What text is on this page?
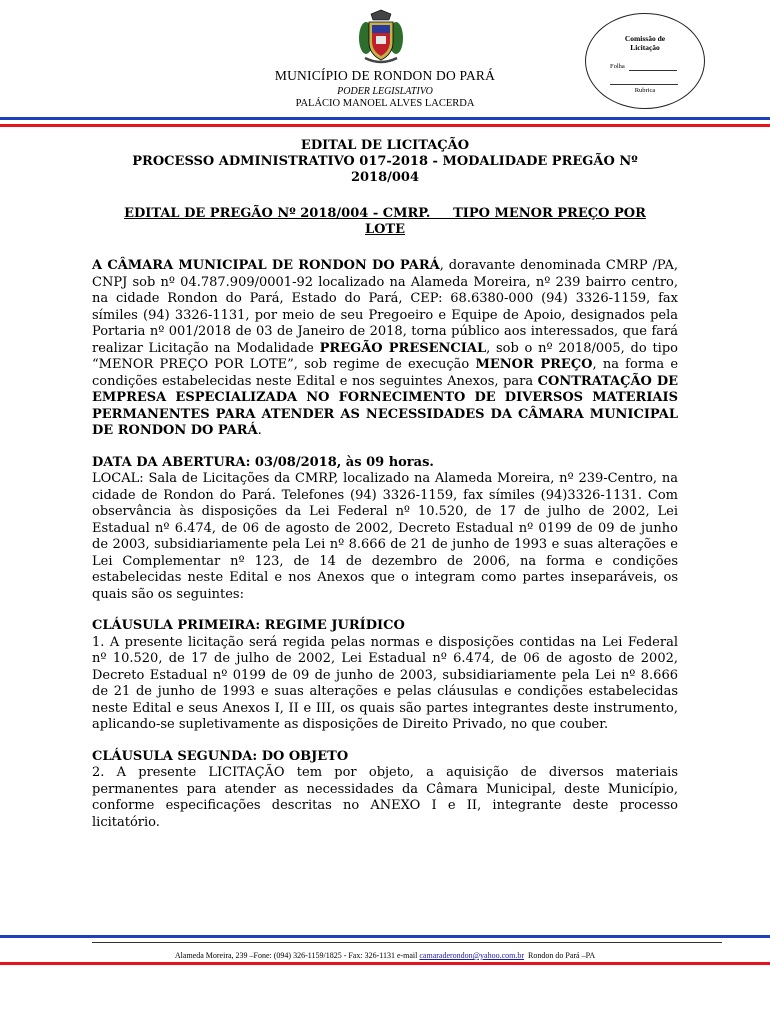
MUNICÍPIO DE RONDON DO PARÁ
PODER LEGISLATIVO
PALÁCIO MANOEL ALVES LACERDA
Comissão de
Licitação
Folha
Rubrica
EDITAL DE LICITAÇÃO
PROCESSO ADMINISTRATIVO 017-2018 - MODALIDADE PREGÃO Nº
2018/004
EDITAL DE PREGÃO Nº 2018/004 - CMRP.     TIPO MENOR PREÇO POR
LOTE

A CÂMARA MUNICIPAL DE RONDON DO PARÁ, doravante denominada CMRP /PA, CNPJ sob nº 04.787.909/0001-92 localizado na Alameda Moreira, nº 239 bairro centro, na cidade Rondon do Pará, Estado do Pará, CEP: 68.6380-000 (94) 3326-1159, fax símiles (94) 3326-1131, por meio de seu Pregoeiro e Equipe de Apoio, designados pela Portaria nº 001/2018 de 03 de Janeiro de 2018, torna público aos interessados, que fará realizar Licitação na Modalidade PREGÃO PRESENCIAL, sob o nº 2018/005, do tipo “MENOR PREÇO POR LOTE”, sob regime de execução MENOR PREÇO, na forma e condições estabelecidas neste Edital e nos seguintes Anexos, para CONTRATAÇÃO DE EMPRESA ESPECIALIZADA NO FORNECIMENTO DE DIVERSOS MATERIAIS PERMANENTES PARA ATENDER AS NECESSIDADES DA CÂMARA MUNICIPAL DE RONDON DO PARÁ.

DATA DA ABERTURA: 03/08/2018, às 09 horas.

LOCAL: Sala de Licitações da CMRP, localizado na Alameda Moreira, nº 239-Centro, na cidade de Rondon do Pará. Telefones (94) 3326-1159, fax símiles (94)3326-1131. Com observância às disposições da Lei Federal nº 10.520, de 17 de julho de 2002, Lei Estadual nº 6.474, de 06 de agosto de 2002, Decreto Estadual nº 0199 de 09 de junho de 2003, subsidiariamente pela Lei nº 8.666 de 21 de junho de 1993 e suas alterações e Lei Complementar nº 123, de 14 de dezembro de 2006, na forma e condições estabelecidas neste Edital e nos Anexos que o integram como partes inseparáveis, os quais são os seguintes:

CLÁUSULA PRIMEIRA: REGIME JURÍDICO

1. A presente licitação será regida pelas normas e disposições contidas na Lei Federal nº 10.520, de 17 de julho de 2002, Lei Estadual nº 6.474, de 06 de agosto de 2002, Decreto Estadual nº 0199 de 09 de junho de 2003, subsidiariamente pela Lei nº 8.666 de 21 de junho de 1993 e suas alterações e pelas cláusulas e condições estabelecidas neste Edital e seus Anexos I, II e III, os quais são partes integrantes deste instrumento, aplicando-se supletivamente as disposições de Direito Privado, no que couber.

CLÁUSULA SEGUNDA: DO OBJETO

2. A presente LICITAÇÃO tem por objeto, a aquisição de diversos materiais permanentes para atender as necessidades da Câmara Municipal, deste Município, conforme especificações descritas no ANEXO I e II, integrante deste processo licitatório.

Alameda Moreira, 239 –Fone: (094) 326-1159/1825 - Fax: 326-1131 e-mail camaraderondon@yahoo.com.br  Rondon do Pará –PA
